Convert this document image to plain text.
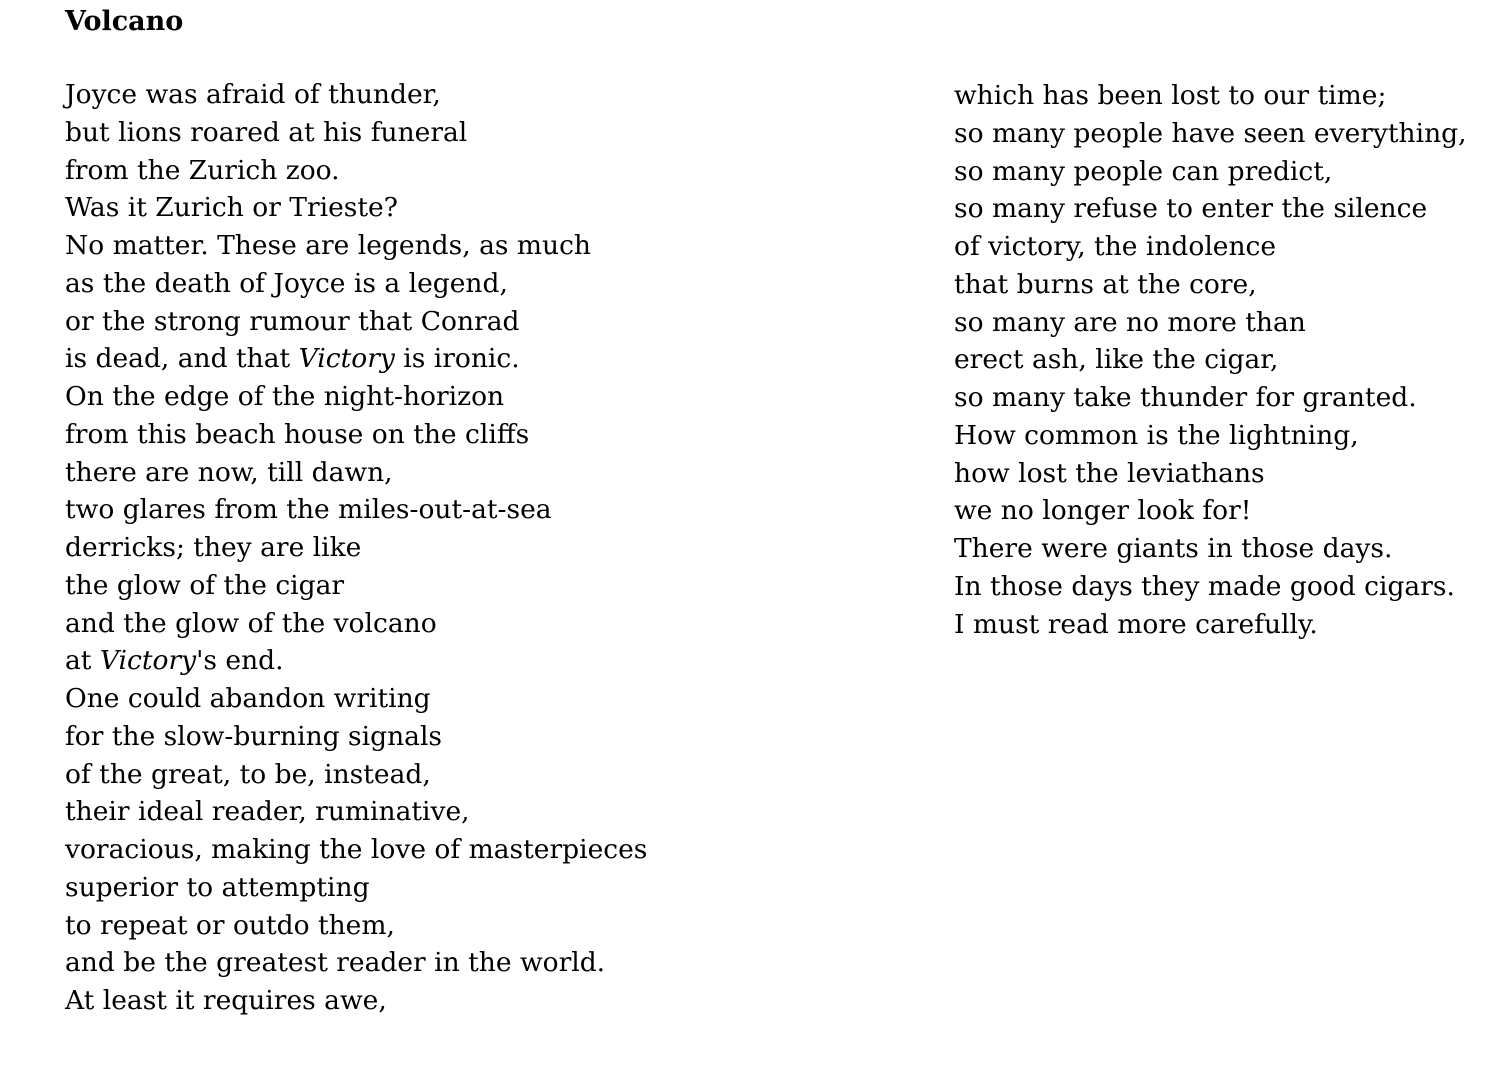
Volcano
Joyce was afraid of thunder,
but lions roared at his funeral
from the Zurich zoo.
Was it Zurich or Trieste?
No matter. These are legends, as much
as the death of Joyce is a legend,
or the strong rumour that Conrad
is dead, and that Victory is ironic.
On the edge of the night-horizon
from this beach house on the cliffs
there are now, till dawn,
two glares from the miles-out-at-sea
derricks; they are like
the glow of the cigar
and the glow of the volcano
at Victory's end.
One could abandon writing
for the slow-burning signals
of the great, to be, instead,
their ideal reader, ruminative,
voracious, making the love of masterpieces
superior to attempting
to repeat or outdo them,
and be the greatest reader in the world.
At least it requires awe,
which has been lost to our time;
so many people have seen everything,
so many people can predict,
so many refuse to enter the silence
of victory, the indolence
that burns at the core,
so many are no more than
erect ash, like the cigar,
so many take thunder for granted.
How common is the lightning,
how lost the leviathans
we no longer look for!
There were giants in those days.
In those days they made good cigars.
I must read more carefully.
